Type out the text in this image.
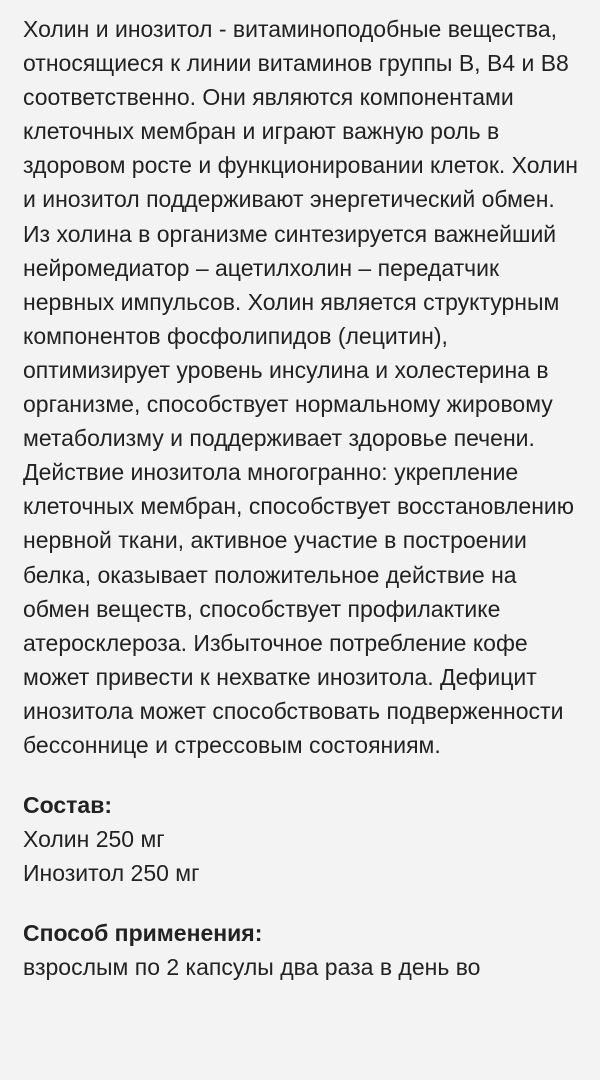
Холин и инозитол - витаминоподобные вещества, относящиеся к линии витаминов группы В, В4 и В8 соответственно. Они являются компонентами клеточных мембран и играют важную роль в здоровом росте и функционировании клеток. Холин и инозитол поддерживают энергетический обмен. Из холина в организме синтезируется важнейший нейромедиатор – ацетилхолин – передатчик нервных импульсов. Холин является структурным компонентов фосфолипидов (лецитин), оптимизирует уровень инсулина и холестерина в организме, способствует нормальному жировому метаболизму и поддерживает здоровье печени. Действие инозитола многогранно: укрепление клеточных мембран, способствует восстановлению нервной ткани, активное участие в построении белка, оказывает положительное действие на обмен веществ, способствует профилактике атеросклероза. Избыточное потребление кофе может привести к нехватке инозитола. Дефицит инозитола может способствовать подверженности бессоннице и стрессовым состояниям.

Состав:

Холин 250 мг

Инозитол 250 мг

Способ применения:

взрослым по 2 капсулы два раза в день во
